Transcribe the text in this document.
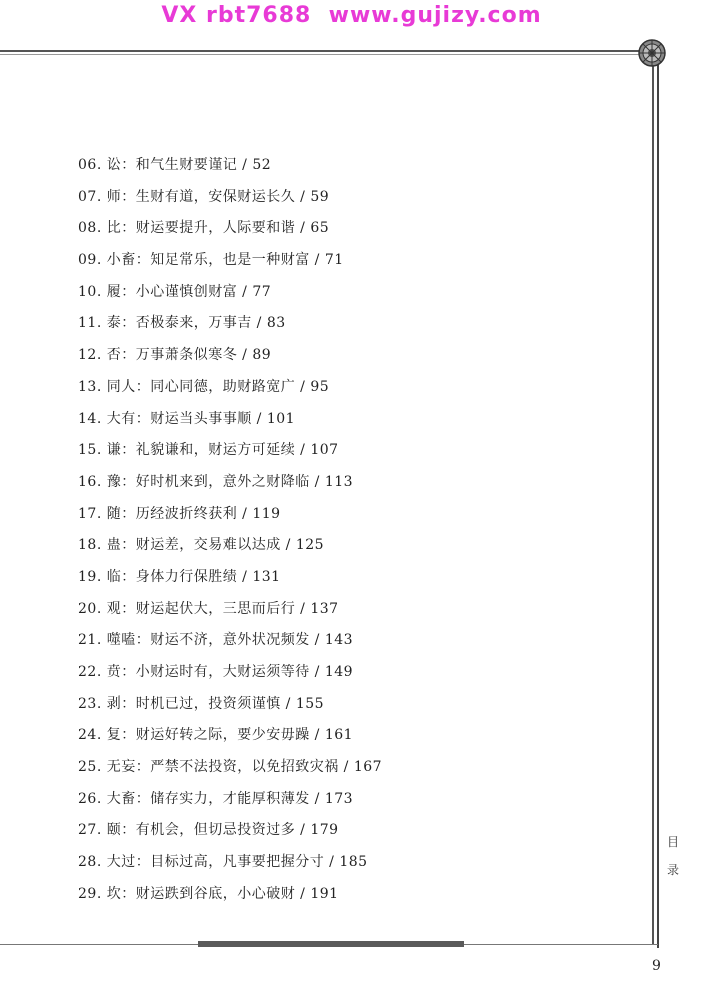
VX rbt7688  www.gujizy.com
06. 讼：和气生财要谨记 / 52
07. 师：生财有道，安保财运长久 / 59
08. 比：财运要提升，人际要和谐 / 65
09. 小畜：知足常乐，也是一种财富 / 71
10. 履：小心谨慎创财富 / 77
11. 泰：否极泰来，万事吉 / 83
12. 否：万事萧条似寒冬 / 89
13. 同人：同心同德，助财路宽广 / 95
14. 大有：财运当头事事顺 / 101
15. 谦：礼貌谦和，财运方可延续 / 107
16. 豫：好时机来到，意外之财降临 / 113
17. 随：历经波折终获利 / 119
18. 蛊：财运差，交易难以达成 / 125
19. 临：身体力行保胜绩 / 131
20. 观：财运起伏大，三思而后行 / 137
21. 噬嗑：财运不济，意外状况频发 / 143
22. 贲：小财运时有，大财运须等待 / 149
23. 剥：时机已过，投资须谨慎 / 155
24. 复：财运好转之际，要少安毋躁 / 161
25. 无妄：严禁不法投资，以免招致灾祸 / 167
26. 大畜：储存实力，才能厚积薄发 / 173
27. 颐：有机会，但切忌投资过多 / 179
28. 大过：目标过高，凡事要把握分寸 / 185
29. 坎：财运跌到谷底，小心破财 / 191
目
录
9
